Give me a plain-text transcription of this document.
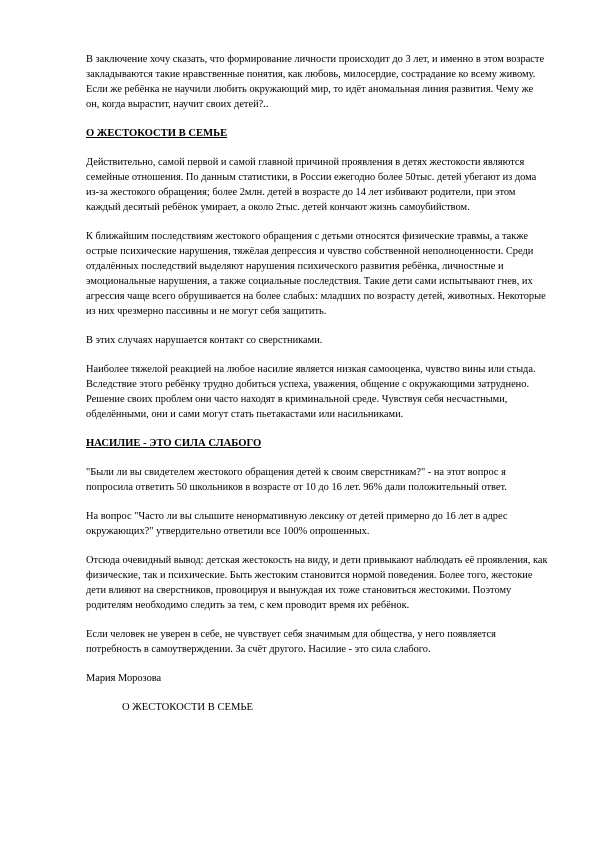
В заключение хочу сказать, что формирование личности происходит до 3 лет, и именно в этом возрасте закладываются такие нравственные понятия, как любовь, милосердие, сострадание ко всему живому. Если же ребёнка не научили любить окружающий мир, то идёт аномальная линия развития. Чему же он, когда вырастит, научит своих детей?..

О ЖЕСТОКОСТИ В СЕМЬЕ

Действительно, самой первой и самой главной причиной проявления в детях жестокости являются семейные отношения. По данным статистики, в России ежегодно более 50тыс. детей убегают из дома из-за жестокого обращения; более 2млн. детей в возрасте до 14 лет избивают родители, при этом каждый десятый ребёнок умирает, а около 2тыс. детей кончают жизнь самоубийством.

К ближайшим последствиям жестокого обращения с детьми относятся физические травмы, а также острые психические нарушения, тяжёлая депрессия и чувство собственной неполноценности. Среди отдалённых последствий выделяют нарушения психического развития ребёнка, личностные и эмоциональные нарушения, а также социальные последствия. Такие дети сами испытывают гнев, их агрессия чаще всего обрушивается на более слабых: младших по возрасту детей, животных. Некоторые из них чрезмерно пассивны и не могут себя защитить.

В этих случаях нарушается контакт со сверстниками.

Наиболее тяжелой реакцией на любое насилие является низкая самооценка, чувство вины или стыда. Вследствие этого ребёнку трудно добиться успеха, уважения, общение с окружающими затруднено. Решение своих проблем они часто находят в криминальной среде. Чувствуя себя несчастными, обделёнными, они и сами могут стать пьетакастами или насильниками.

НАСИЛИЕ - ЭТО СИЛА СЛАБОГО

"Были ли вы свидетелем жестокого обращения детей к своим сверстникам?" - на этот вопрос я попросила ответить 50 школьников в возрасте от 10 до 16 лет. 96% дали положительный ответ.

На вопрос "Часто ли вы слышите ненормативную лексику от детей примерно до 16 лет в адрес окружающих?" утвердительно ответили все 100% опрошенных.

Отсюда очевидный вывод: детская жестокость на виду, и дети привыкают наблюдать её проявления, как физические, так и психические. Быть жестоким становится нормой поведения. Более того, жестокие дети влияют на сверстников, провоцируя и вынуждая их тоже становиться жестокими. Поэтому родителям необходимо следить за тем, с кем проводит время их ребёнок.

Если человек не уверен в себе, не чувствует себя значимым для общества, у него появляется потребность в самоутверждении. За счёт другого. Насилие - это сила слабого.

Мария Морозова
О ЖЕСТОКОСТИ В СЕМЬЕ
